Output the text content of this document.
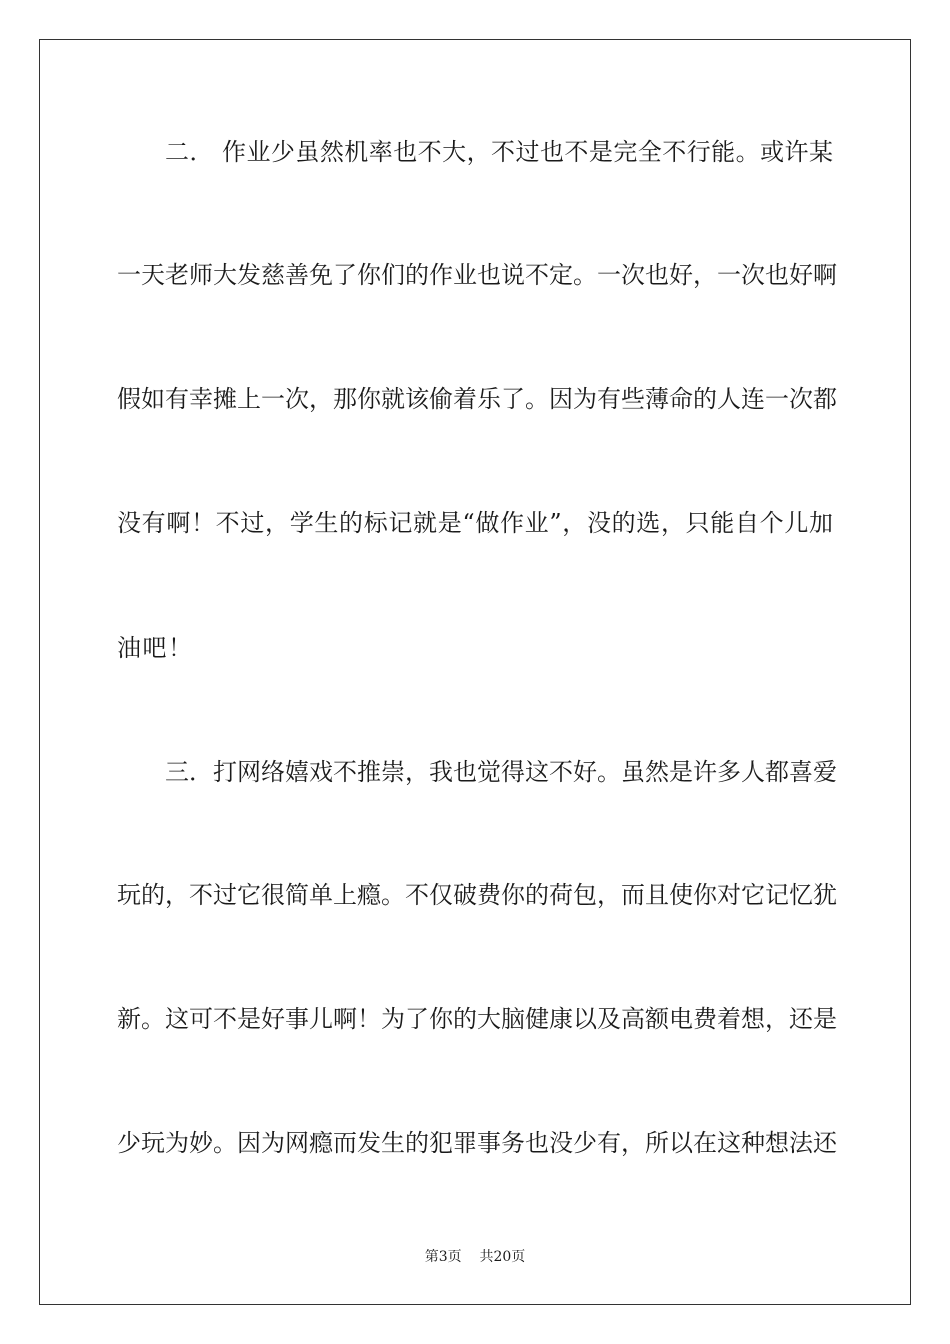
二． 作业少虽然机率也不大，不过也不是完全不行能。或许某
一天老师大发慈善免了你们的作业也说不定。一次也好，一次也好啊
假如有幸摊上一次，那你就该偷着乐了。因为有些薄命的人连一次都
没有啊！不过，学生的标记就是“做作业”，没的选，只能自个儿加
油吧！
三．打网络嬉戏不推崇，我也觉得这不好。虽然是许多人都喜爱
玩的，不过它很简单上瘾。不仅破费你的荷包，而且使你对它记忆犹
新。这可不是好事儿啊！为了你的大脑健康以及高额电费着想，还是
少玩为妙。因为网瘾而发生的犯罪事务也没少有，所以在这种想法还
第3页 共20页
